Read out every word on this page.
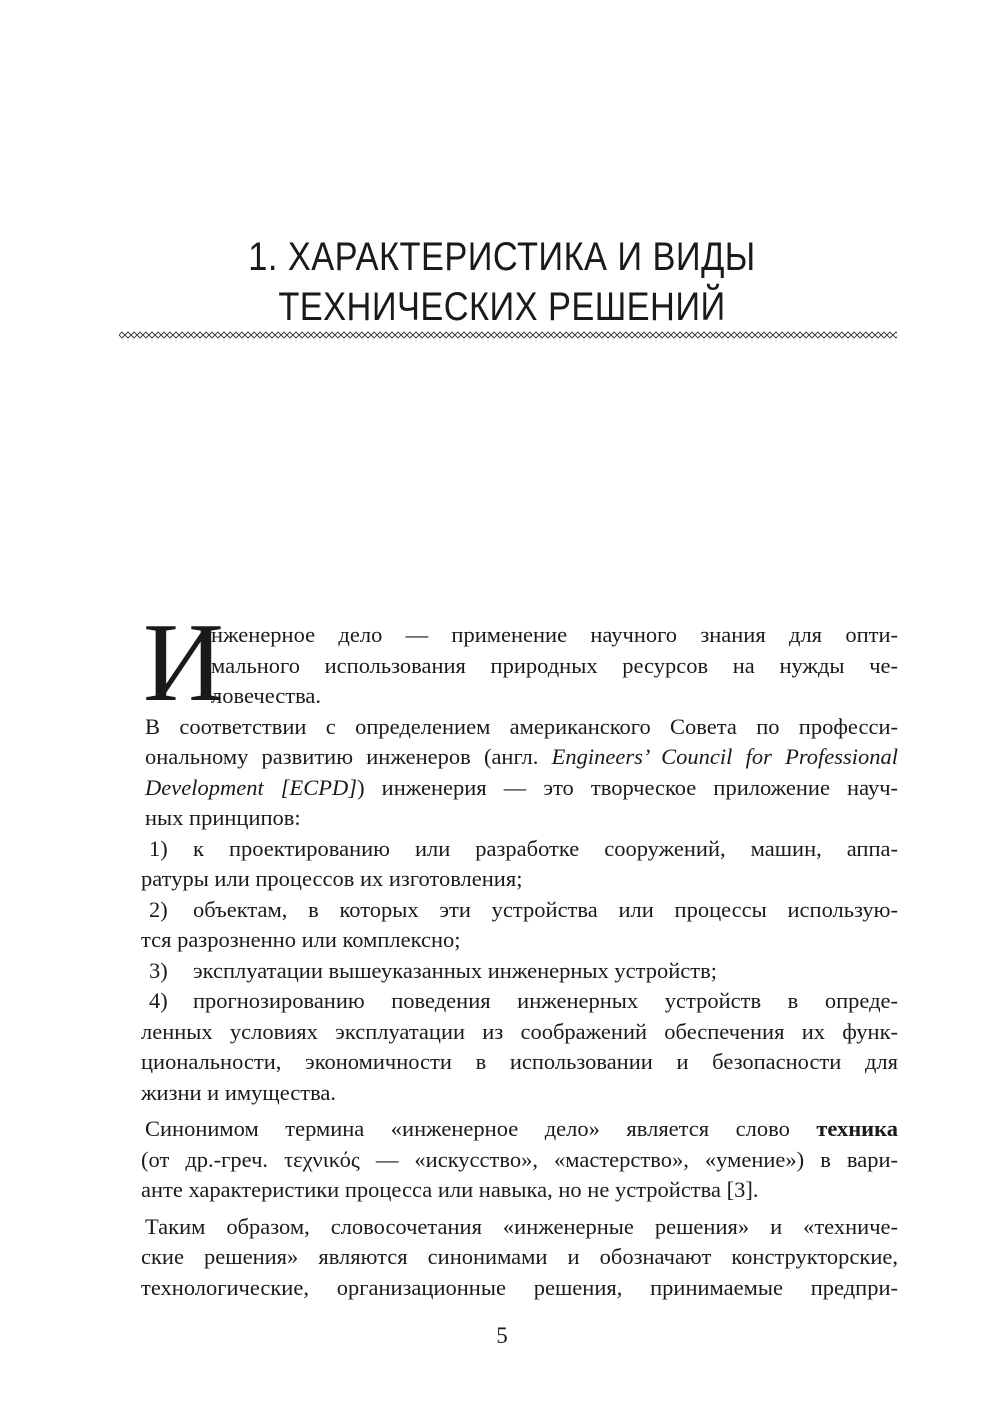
1. ХАРАКТЕРИСТИКА И ВИДЫ
ТЕХНИЧЕСКИХ РЕШЕНИЙ
И
нженерное дело — применение научного знания для опти-
мального использования природных ресурсов на нужды че-
ловечества.
В соответствии с определением американского Совета по професси-
ональному развитию инженеров (англ. Engineers’ Council for Professional
Development [ECPD]) инженерия — это творческое приложение науч-
ных принципов:
1) к проектированию или разработке сооружений, машин, аппа-
ратуры или процессов их изготовления;
2) объектам, в которых эти устройства или процессы использую-
тся разрозненно или комплексно;
3) эксплуатации вышеуказанных инженерных устройств;
4) прогнозированию поведения инженерных устройств в опреде-
ленных условиях эксплуатации из соображений обеспечения их функ-
циональности, экономичности в использовании и безопасности для
жизни и имущества.
Синонимом термина «инженерное дело» является слово техника
(от др.-греч. τεχνικός — «искусство», «мастерство», «умение») в вари-
анте характеристики процесса или навыка, но не устройства [3].
Таким образом, словосочетания «инженерные решения» и «техниче-
ские решения» являются синонимами и обозначают конструкторские,
технологические, организационные решения, принимаемые предпри-
5
